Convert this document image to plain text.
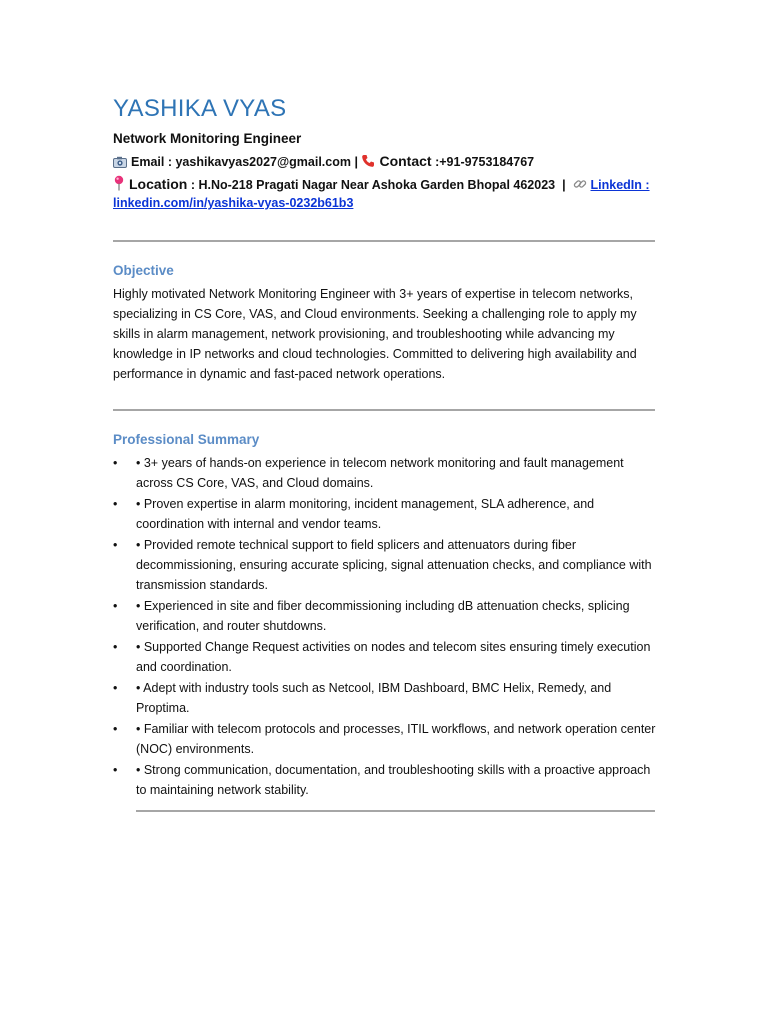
YASHIKA VYAS
Network Monitoring Engineer
Email : yashikavyas2027@gmail.com | Contact :+91-9753184767
Location : H.No-218 Pragati Nagar Near Ashoka Garden Bhopal 462023 | LinkedIn :
linkedin.com/in/yashika-vyas-0232b61b3
Objective

Highly motivated Network Monitoring Engineer with 3+ years of expertise in telecom networks, specializing in CS Core, VAS, and Cloud environments. Seeking a challenging role to apply my skills in alarm management, network provisioning, and troubleshooting while advancing my knowledge in IP networks and cloud technologies. Committed to delivering high availability and performance in dynamic and fast-paced network operations.

Professional Summary
• • 3+ years of hands-on experience in telecom network monitoring and fault management across CS Core, VAS, and Cloud domains.
• • Proven expertise in alarm monitoring, incident management, SLA adherence, and coordination with internal and vendor teams.
• • Provided remote technical support to field splicers and attenuators during fiber decommissioning, ensuring accurate splicing, signal attenuation checks, and compliance with transmission standards.
• • Experienced in site and fiber decommissioning including dB attenuation checks, splicing verification, and router shutdowns.
• • Supported Change Request activities on nodes and telecom sites ensuring timely execution and coordination.
• • Adept with industry tools such as Netcool, IBM Dashboard, BMC Helix, Remedy, and Proptima.
• • Familiar with telecom protocols and processes, ITIL workflows, and network operation center (NOC) environments.
• • Strong communication, documentation, and troubleshooting skills with a proactive approach to maintaining network stability.
